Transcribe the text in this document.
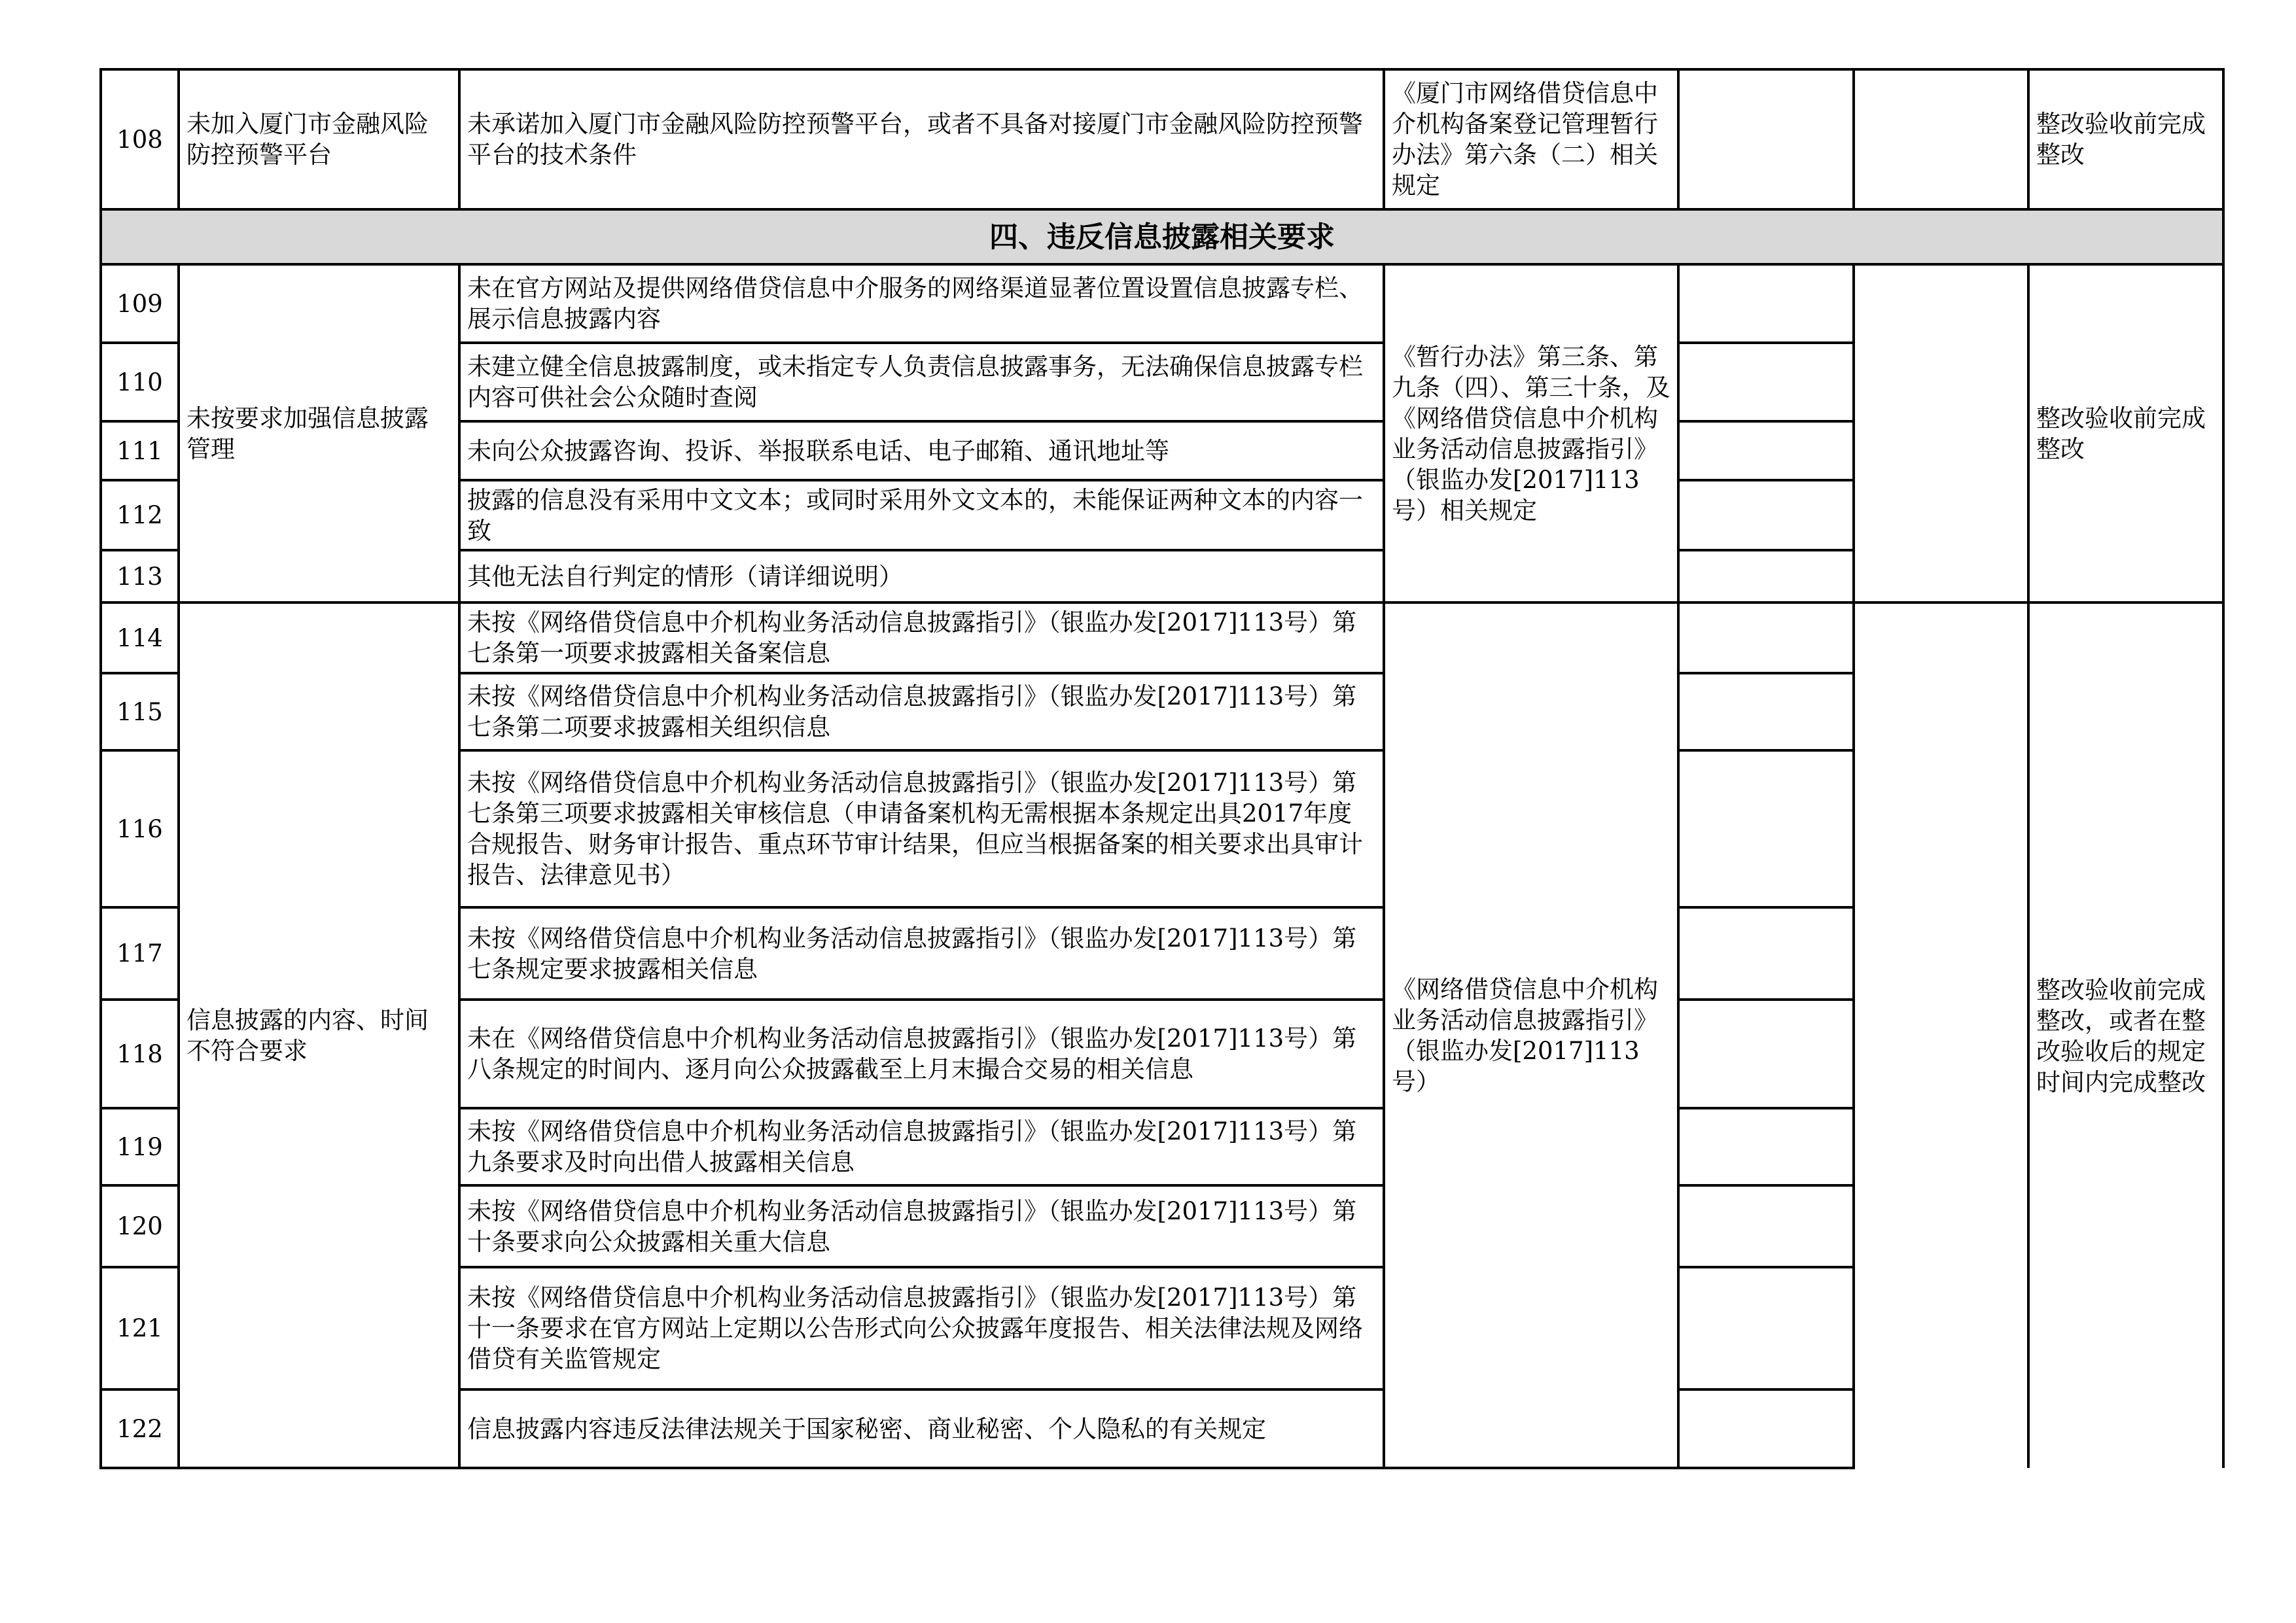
108	未加入厦门市金融风险防控预警平台	未承诺加入厦门市金融风险防控预警平台，或者不具备对接厦门市金融风险防控预警平台的技术条件	《厦门市网络借贷信息中介机构备案登记管理暂行办法》第六条（二）相关规定			整改验收前完成整改
四、违反信息披露相关要求						
109	未按要求加强信息披露管理	未在官方网站及提供网络借贷信息中介服务的网络渠道显著位置设置信息披露专栏、展示信息披露内容	《暂行办法》第三条、第九条（四）、第三十条，及《网络借贷信息中介机构业务活动信息披露指引》（银监办发[2017]113号）相关规定			整改验收前完成整改
110		未建立健全信息披露制度，或未指定专人负责信息披露事务，无法确保信息披露专栏内容可供社会公众随时查阅				
111		未向公众披露咨询、投诉、举报联系电话、电子邮箱、通讯地址等				
112		披露的信息没有采用中文文本；或同时采用外文文本的，未能保证两种文本的内容一致				
113		其他无法自行判定的情形（请详细说明）				
114	信息披露的内容、时间不符合要求	未按《网络借贷信息中介机构业务活动信息披露指引》（银监办发[2017]113号）第七条第一项要求披露相关备案信息	《网络借贷信息中介机构业务活动信息披露指引》（银监办发[2017]113号）			整改验收前完成整改，或者在整改验收后的规定时间内完成整改
115		未按《网络借贷信息中介机构业务活动信息披露指引》（银监办发[2017]113号）第七条第二项要求披露相关组织信息				
116		未按《网络借贷信息中介机构业务活动信息披露指引》（银监办发[2017]113号）第七条第三项要求披露相关审核信息（申请备案机构无需根据本条规定出具2017年度合规报告、财务审计报告、重点环节审计结果，但应当根据备案的相关要求出具审计报告、法律意见书）				
117		未按《网络借贷信息中介机构业务活动信息披露指引》（银监办发[2017]113号）第七条规定要求披露相关信息				
118		未在《网络借贷信息中介机构业务活动信息披露指引》（银监办发[2017]113号）第八条规定的时间内、逐月向公众披露截至上月末撮合交易的相关信息				
119		未按《网络借贷信息中介机构业务活动信息披露指引》（银监办发[2017]113号）第九条要求及时向出借人披露相关信息				
120		未按《网络借贷信息中介机构业务活动信息披露指引》（银监办发[2017]113号）第十条要求向公众披露相关重大信息				
121		未按《网络借贷信息中介机构业务活动信息披露指引》（银监办发[2017]113号）第十一条要求在官方网站上定期以公告形式向公众披露年度报告、相关法律法规及网络借贷有关监管规定				
122		信息披露内容违反法律法规关于国家秘密、商业秘密、个人隐私的有关规定				
